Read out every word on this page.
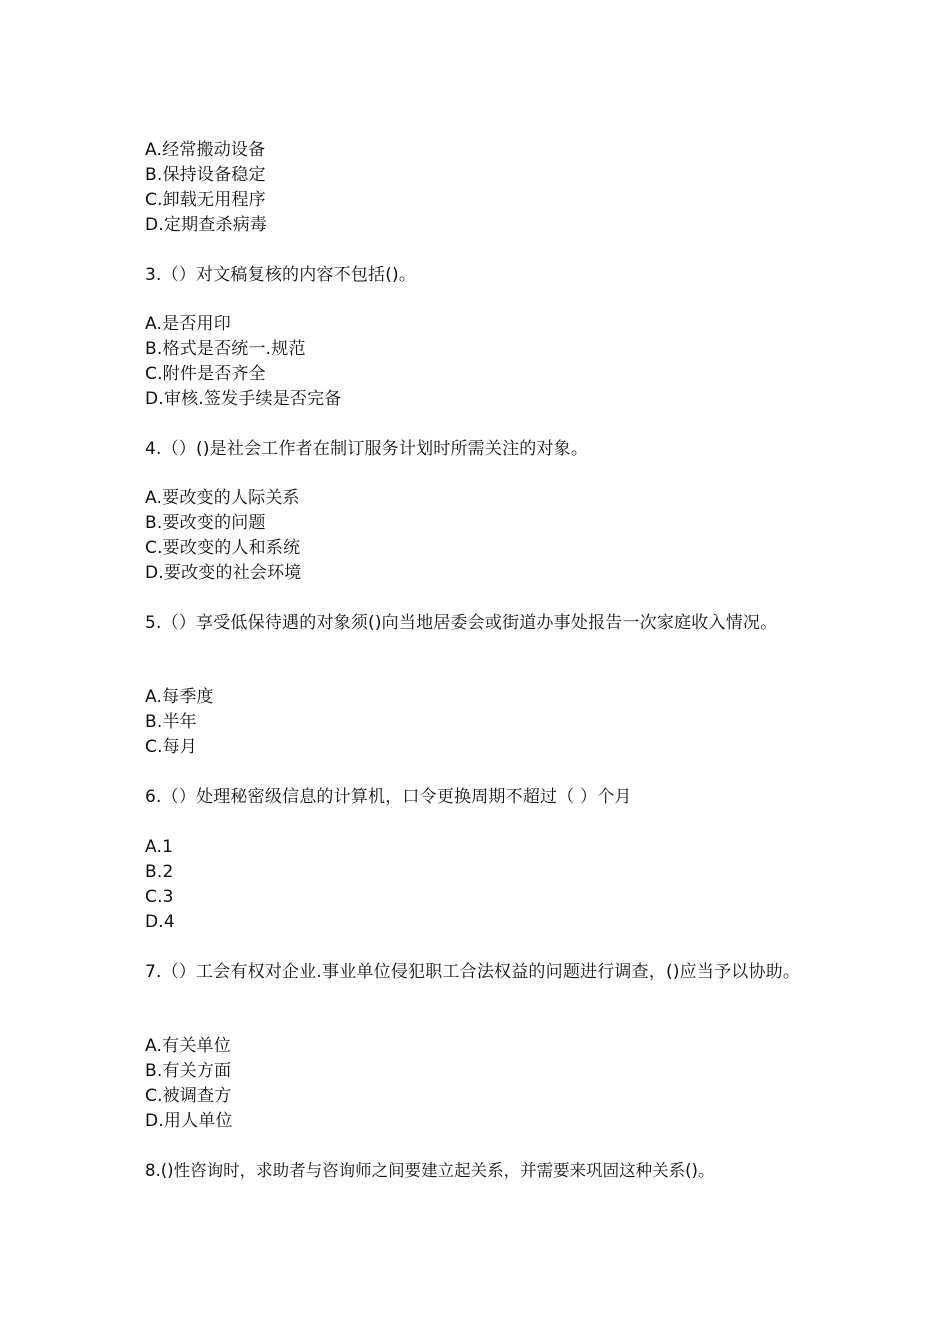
A.经常搬动设备
B.保持设备稳定
C.卸载无用程序
D.定期查杀病毒
3.（）对文稿复核的内容不包括()。
A.是否用印
B.格式是否统一.规范
C.附件是否齐全
D.审核.签发手续是否完备
4.（）()是社会工作者在制订服务计划时所需关注的对象。
A.要改变的人际关系
B.要改变的问题
C.要改变的人和系统
D.要改变的社会环境
5.（）享受低保待遇的对象须()向当地居委会或街道办事处报告一次家庭收入情况。
A.每季度
B.半年
C.每月
6.（）处理秘密级信息的计算机，口令更换周期不超过（ ）个月
A.1
B.2
C.3
D.4
7.（）工会有权对企业.事业单位侵犯职工合法权益的问题进行调查，()应当予以协助。
A.有关单位
B.有关方面
C.被调查方
D.用人单位
8.()性咨询时，求助者与咨询师之间要建立起关系，并需要来巩固这种关系()。
